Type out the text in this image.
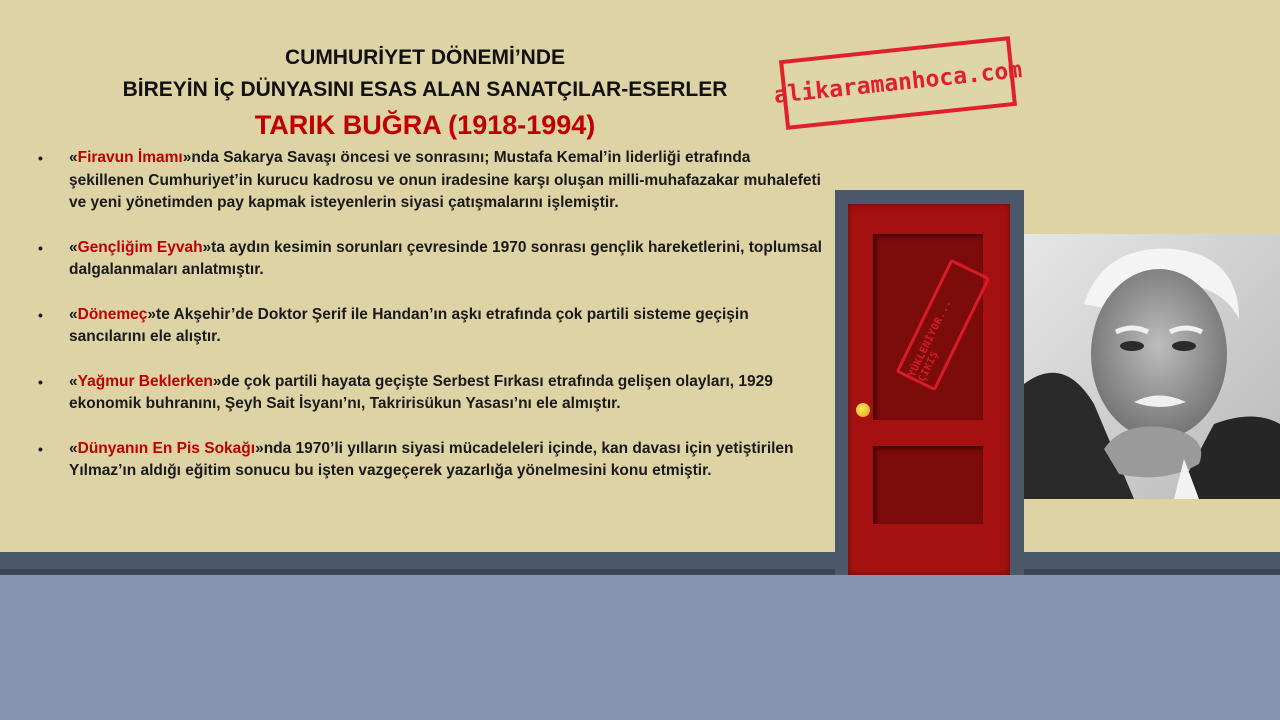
CUMHURİYET DÖNEMİ’NDE
BİREYİN İÇ DÜNYASINI ESAS ALAN SANATÇILAR-ESERLER
TARIK BUĞRA (1918-1994)
• «Firavun İmamı»nda Sakarya Savaşı öncesi ve sonrasını; Mustafa Kemal’in liderliği etrafında şekillenen Cumhuriyet’in kurucu kadrosu ve onun iradesine karşı oluşan milli-muhafazakar muhalefeti ve yeni yönetimden pay kapmak isteyenlerin siyasi çatışmalarını işlemiştir.
• «Gençliğim Eyvah»ta aydın kesimin sorunları çevresinde 1970 sonrası gençlik hareketlerini, toplumsal dalgalanmaları anlatmıştır.
• «Dönemeç»te Akşehir’de Doktor Şerif ile Handan’ın aşkı etrafında çok partili sisteme geçişin sancılarını ele alıştır.
• «Yağmur Beklerken»de çok partili hayata geçişte Serbest Fırkası etrafında gelişen olayları, 1929 ekonomik buhranını, Şeyh Sait İsyanı’nı, Takririsükun Yasası’nı ele almıştır.
• «Dünyanın En Pis Sokağı»nda 1970’li yılların siyasi mücadeleleri içinde, kan davası için yetiştirilen Yılmaz’ın aldığı eğitim sonucu bu işten vazgeçerek yazarlığa yönelmesini konu etmiştir.
alikaramanhoca.com
YÜKLENİYOR... ÇIKIŞ
